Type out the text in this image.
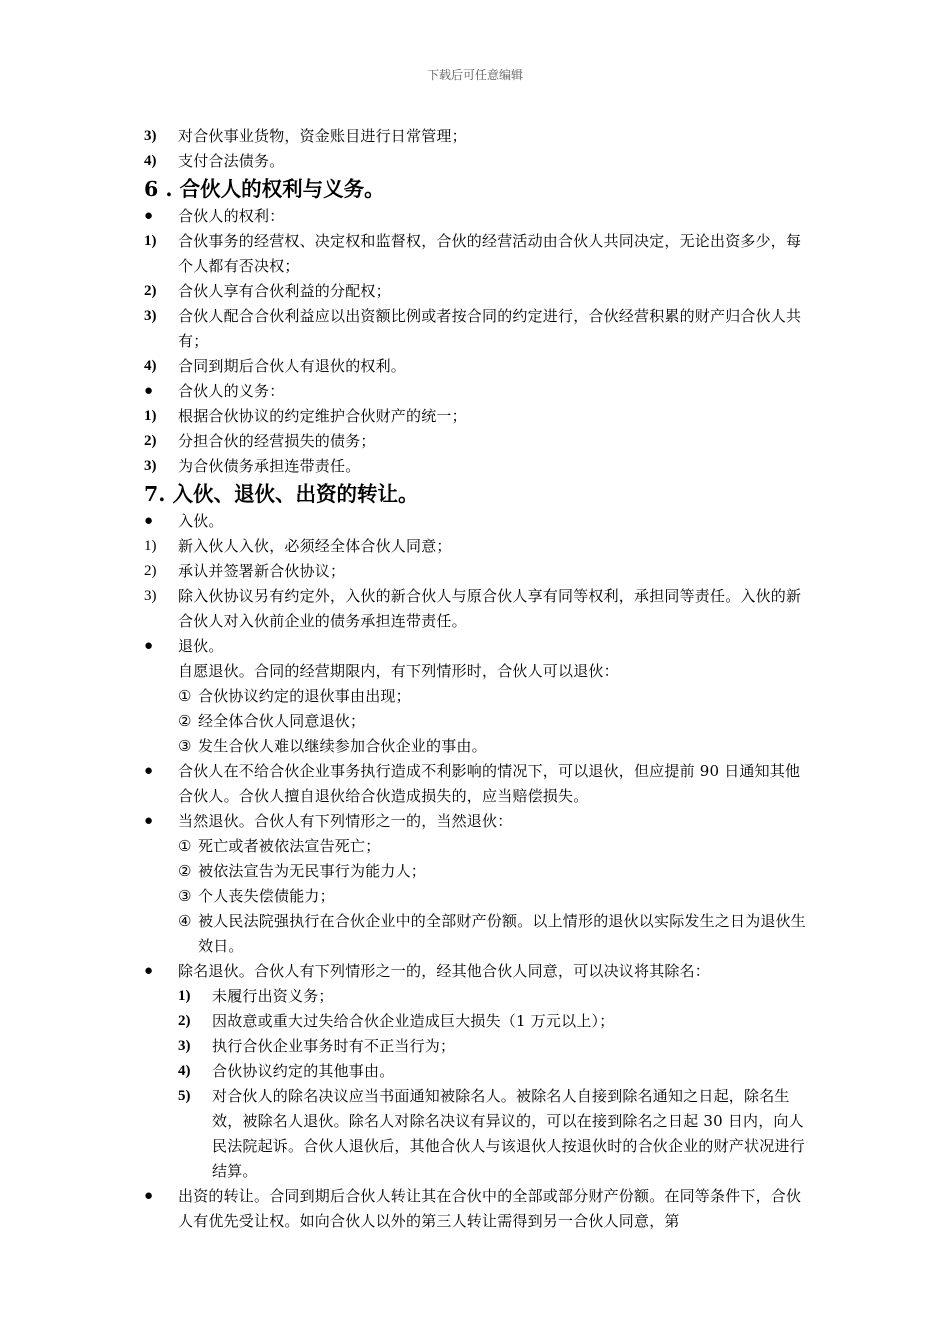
下载后可任意编辑
3)	对合伙事业货物，资金账目进行日常管理；
4)	支付合法债务。
6 . 合伙人的权利与义务。
●	合伙人的权利：
1)	合伙事务的经营权、决定权和监督权，合伙的经营活动由合伙人共同决定，无论出资多少，每个人都有否决权；
2)	合伙人享有合伙利益的分配权；
3)	合伙人配合合伙利益应以出资额比例或者按合同的约定进行，合伙经营积累的财产归合伙人共有；
4)	合同到期后合伙人有退伙的权利。
●	合伙人的义务：
1)	根据合伙协议的约定维护合伙财产的统一；
2)	分担合伙的经营损失的债务；
3)	为合伙债务承担连带责任。
7. 入伙、退伙、出资的转让。
●	入伙。
1)	新入伙人入伙，必须经全体合伙人同意；
2)	承认并签署新合伙协议；
3)	除入伙协议另有约定外，入伙的新合伙人与原合伙人享有同等权利，承担同等责任。入伙的新合伙人对入伙前企业的债务承担连带责任。
●	退伙。
自愿退伙。合同的经营期限内，有下列情形时，合伙人可以退伙：
① 合伙协议约定的退伙事由出现；
② 经全体合伙人同意退伙；
③ 发生合伙人难以继续参加合伙企业的事由。
●	合伙人在不给合伙企业事务执行造成不利影响的情况下，可以退伙，但应提前 90 日通知其他合伙人。合伙人擅自退伙给合伙造成损失的，应当赔偿损失。
●	当然退伙。合伙人有下列情形之一的，当然退伙：
① 死亡或者被依法宣告死亡；
② 被依法宣告为无民事行为能力人；
③ 个人丧失偿债能力；
④ 被人民法院强执行在合伙企业中的全部财产份额。以上情形的退伙以实际发生之日为退伙生效日。
●	除名退伙。合伙人有下列情形之一的，经其他合伙人同意，可以决议将其除名：
1)	未履行出资义务；
2)	因故意或重大过失给合伙企业造成巨大损失（1 万元以上）；
3)	执行合伙企业事务时有不正当行为；
4)	合伙协议约定的其他事由。
5)	对合伙人的除名决议应当书面通知被除名人。被除名人自接到除名通知之日起，除名生效，被除名人退伙。除名人对除名决议有异议的，可以在接到除名之日起 30 日内，向人民法院起诉。合伙人退伙后，其他合伙人与该退伙人按退伙时的合伙企业的财产状况进行结算。
●	出资的转让。合同到期后合伙人转让其在合伙中的全部或部分财产份额。在同等条件下，合伙人有优先受让权。如向合伙人以外的第三人转让需得到另一合伙人同意，第
